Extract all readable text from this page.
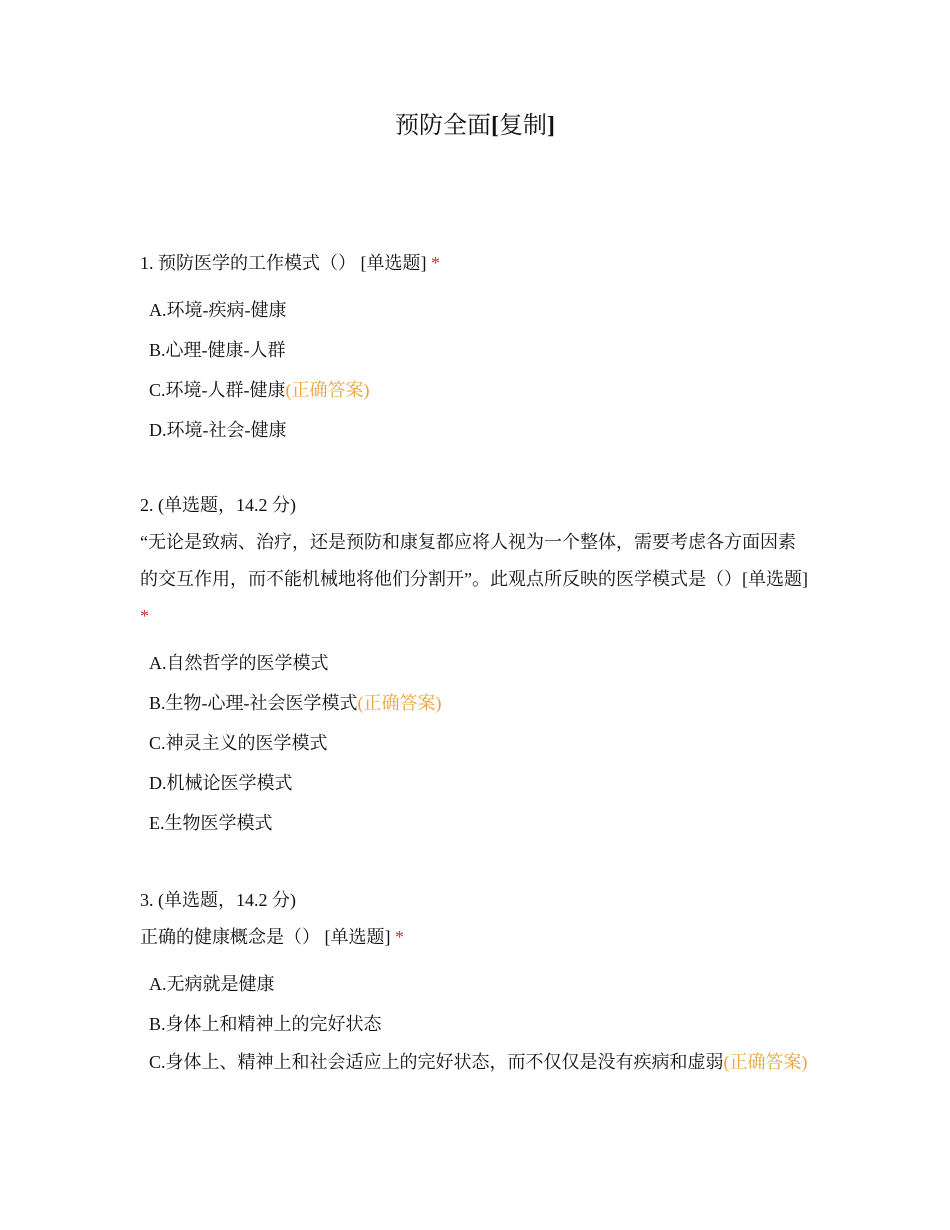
预防全面[复制]
1. 预防医学的工作模式（） [单选题] *
A.环境-疾病-健康
B.心理-健康-人群
C.环境-人群-健康(正确答案)
D.环境-社会-健康
2. (单选题，14.2 分)
“无论是致病、治疗，还是预防和康复都应将人视为一个整体，需要考虑各方面因素的交互作用，而不能机械地将他们分割开”。此观点所反映的医学模式是（）[单选题] *
A.自然哲学的医学模式
B.生物-心理-社会医学模式(正确答案)
C.神灵主义的医学模式
D.机械论医学模式
E.生物医学模式
3. (单选题，14.2 分)
正确的健康概念是（） [单选题] *
A.无病就是健康
B.身体上和精神上的完好状态
C.身体上、精神上和社会适应上的完好状态，而不仅仅是没有疾病和虚弱(正确答案)
